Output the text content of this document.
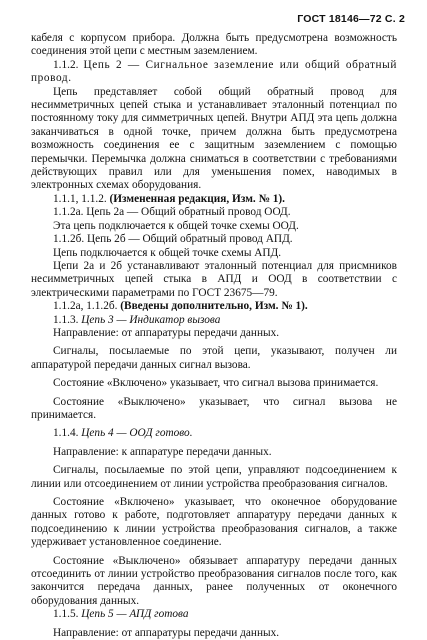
ГОСТ 18146—72 С. 2

кабеля с корпусом прибора. Должна быть предусмотрена возможность соединения этой цепи с местным заземлением.

1.1.2. Цепь 2 — Сигнальное заземление или общий обратный провод.

Цепь представляет собой общий обратный провод для несимметричных цепей стыка и устанавливает эталонный потенциал по постоянному току для симметричных цепей. Внутри АПД эта цепь должна заканчиваться в одной точке, причем должна быть предусмотрена возможность соединения ее с защитным заземлением с помощью перемычки. Перемычка должна сниматься в соответствии с требованиями действующих правил или для уменьшения помех, наводимых в электронных схемах оборудования.

1.1.1, 1.1.2. (Измененная редакция, Изм. № 1).

1.1.2а. Цепь 2а — Общий обратный провод ООД.

Эта цепь подключается к общей точке схемы ООД.

1.1.2б. Цепь 2б — Общий обратный провод АПД.

Цепь подключается к общей точке схемы АПД.

Цепи 2а и 2б устанавливают эталонный потенциал для присмников несимметричных цепей стыка в АПД и ООД в соответствии с электрическими параметрами по ГОСТ 23675—79.

1.1.2а, 1.1.2б. (Введены дополнительно, Изм. № 1).

1.1.3. Цепь 3 — Индикатор вызова

Направление: от аппаратуры передачи данных.

Сигналы, посылаемые по этой цепи, указывают, получен ли аппаратурой передачи данных сигнал вызова.

Состояние «Включено» указывает, что сигнал вызова принимается.

Состояние «Выключено» указывает, что сигнал вызова не принимается.

1.1.4. Цепь 4 — ООД готово.

Направление: к аппаратуре передачи данных.

Сигналы, посылаемые по этой цепи, управляют подсоединением к линии или отсоединением от линии устройства преобразования сигналов.

Состояние «Включено» указывает, что оконечное оборудование данных готово к работе, подготовляет аппаратуру передачи данных к подсоединению к линии устройства преобразования сигналов, а также удерживает установленное соединение.

Состояние «Выключено» обязывает аппаратуру передачи данных отсоединить от линии устройство преобразования сигналов после того, как закончится передача данных, ранее полученных от оконечного оборудования данных.

1.1.5. Цепь 5 — АПД готова

Направление: от аппаратуры передачи данных.
